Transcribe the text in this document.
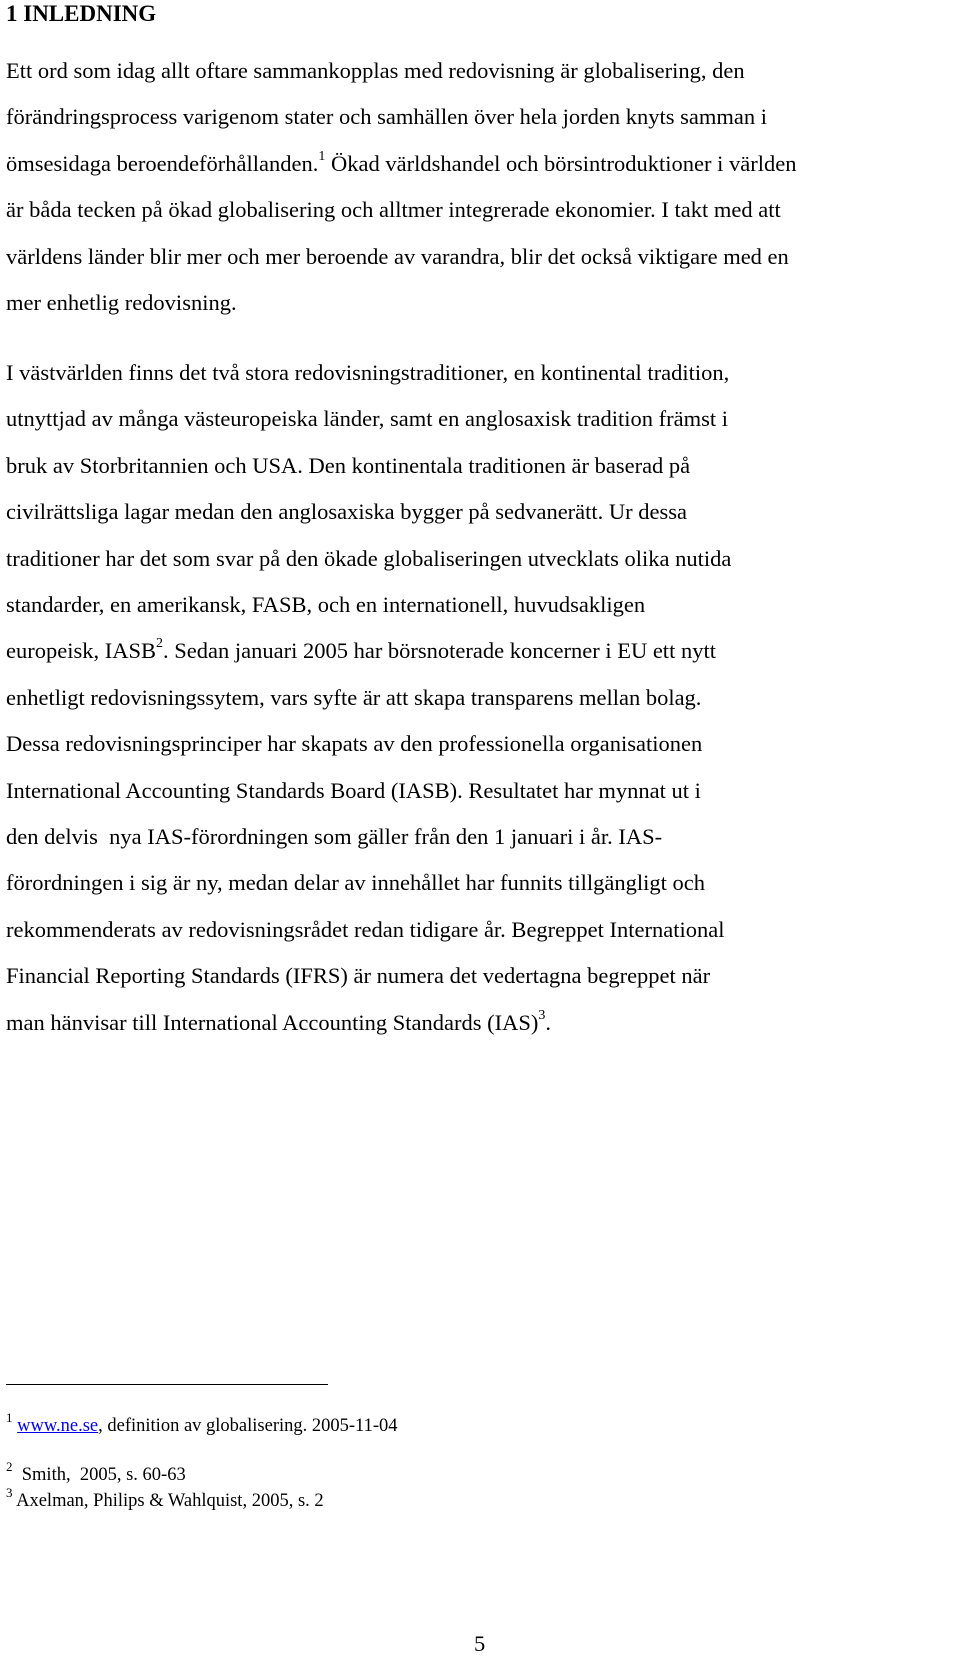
1 INLEDNING
Ett ord som idag allt oftare sammankopplas med redovisning är globalisering, den
förändringsprocess varigenom stater och samhällen över hela jorden knyts samman i
ömsesidaga beroendeförhållanden.$^1$ Ökad världshandel och börsintroduktioner i världen
är båda tecken på ökad globalisering och alltmer integrerade ekonomier. I takt med att
världens länder blir mer och mer beroende av varandra, blir det också viktigare med en
mer enhetlig redovisning.
I västvärlden finns det två stora redovisningstraditioner, en kontinental tradition,
utnyttjad av många västeuropeiska länder, samt en anglosaxisk tradition främst i
bruk av Storbritannien och USA. Den kontinentala traditionen är baserad på
civilrättsliga lagar medan den anglosaxiska bygger på sedvanerätt. Ur dessa
traditioner har det som svar på den ökade globaliseringen utvecklats olika nutida
standarder, en amerikansk, FASB, och en internationell, huvudsakligen
europeisk, IASB$^2$. Sedan januari 2005 har börsnoterade koncerner i EU ett nytt
enhetligt redovisningssytem, vars syfte är att skapa transparens mellan bolag.
Dessa redovisningsprinciper har skapats av den professionella organisationen
International Accounting Standards Board (IASB). Resultatet har mynnat ut i
den delvis  nya IAS-förordningen som gäller från den 1 januari i år. IAS-
förordningen i sig är ny, medan delar av innehållet har funnits tillgängligt och
rekommenderats av redovisningsrådet redan tidigare år. Begreppet International
Financial Reporting Standards (IFRS) är numera det vedertagna begreppet när
man hänvisar till International Accounting Standards (IAS)$^3$.

$^1$ www.ne.se, definition av globalisering. 2005-11-04

$^2$  Smith,  2005, s. 60-63

$^3$ Axelman, Philips & Wahlquist, 2005, s. 2

5
